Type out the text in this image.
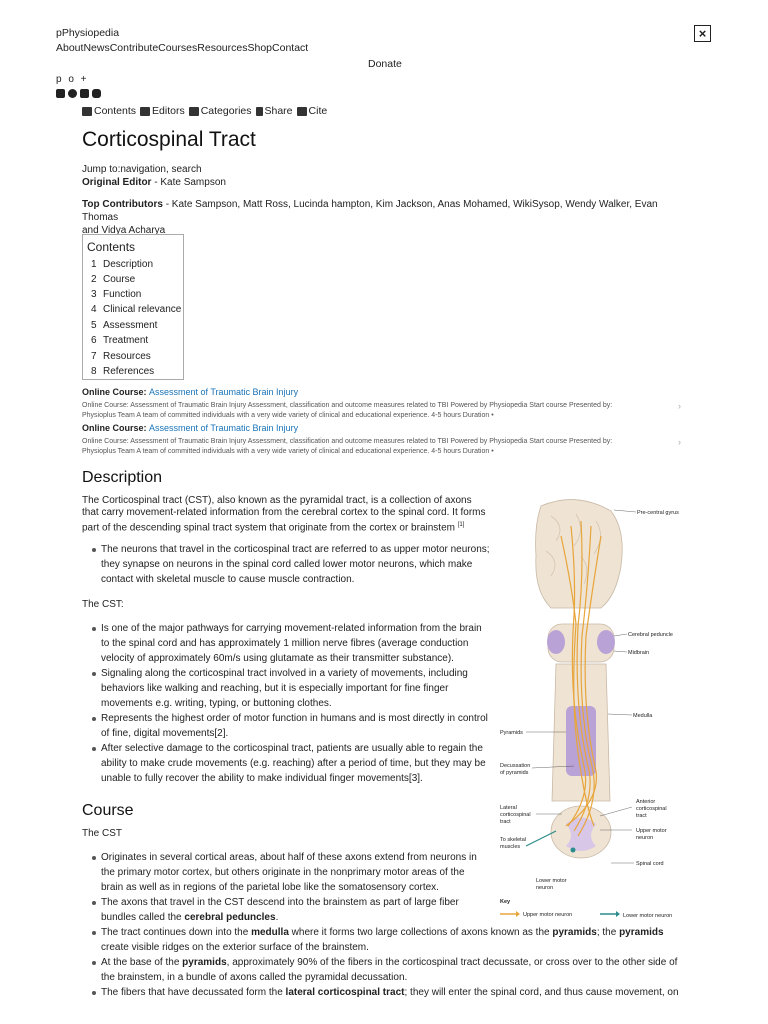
pPhysiopedia
About News Contribute Courses Resources Shop Contact
Donate
×
p o +
Contents Editors Categories Share Cite
Corticospinal Tract
Jump to:navigation, search
Original Editor - Kate Sampson
Top Contributors - Kate Sampson, Matt Ross, Lucinda hampton, Kim Jackson, Anas Mohamed, WikiSysop, Wendy Walker, Evan Thomas
and Vidya Acharya
Contents
1 Description
2 Course
3 Function
4 Clinical relevance
5 Assessment
6 Treatment
7 Resources
8 References
Online Course: Assessment of Traumatic Brain Injury
Online Course: Assessment of Traumatic Brain Injury Assessment, classification and outcome measures related to TBI Powered by Physiopedia Start course Presented by:
Physioplus Team A team of committed individuals with a very wide variety of clinical and educational experience. 4-5 hours Duration •
›
Online Course: Assessment of Traumatic Brain Injury
Online Course: Assessment of Traumatic Brain Injury Assessment, classification and outcome measures related to TBI Powered by Physiopedia Start course Presented by:
Physioplus Team A team of committed individuals with a very wide variety of clinical and educational experience. 4-5 hours Duration •
›
Description
The Corticospinal tract (CST), also known as the pyramidal tract, is a collection of axons
that carry movement-related information from the cerebral cortex to the spinal cord. It forms
part of the descending spinal tract system that originate from the cortex or brainstem [1]
The neurons that travel in the corticospinal tract are referred to as upper motor neurons;
they synapse on neurons in the spinal cord called lower motor neurons, which make
contact with skeletal muscle to cause muscle contraction.
The CST:
Is one of the major pathways for carrying movement-related information from the brain
to the spinal cord and has approximately 1 million nerve fibres (average conduction
velocity of approximately 60m/s using glutamate as their transmitter substance).
Signaling along the corticospinal tract involved in a variety of movements, including
behaviors like walking and reaching, but it is especially important for fine finger
movements e.g. writing, typing, or buttoning clothes.
Represents the highest order of motor function in humans and is most directly in control
of fine, digital movements[2].
After selective damage to the corticospinal tract, patients are usually able to regain the
ability to make crude movements (e.g. reaching) after a period of time, but they may be
unable to fully recover the ability to make individual finger movements[3].
Course
The CST
Originates in several cortical areas, about half of these axons extend from neurons in
the primary motor cortex, but others originate in the nonprimary motor areas of the
brain as well as in regions of the parietal lobe like the somatosensory cortex.
The axons that travel in the CST descend into the brainstem as part of large fiber
bundles called the cerebral peduncles.
The tract continues down into the medulla where it forms two large collections of axons known as the pyramids; the pyramids
create visible ridges on the exterior surface of the brainstem.
At the base of the pyramids, approximately 90% of the fibers in the corticospinal tract decussate, or cross over to the other side of
the brainstem, in a bundle of axons called the pyramidal decussation.
The fibers that have decussated form the lateral corticospinal tract; they will enter the spinal cord, and thus cause movement, on
Pre-central gyrus
Cerebral peduncle
Midbrain
Medulla
Pyramids
Decussation
of pyramids
Lateral
corticospinal
tract
Anterior
corticospinal
tract
Upper motor
neuron
To skeletal
muscles
Spinal cord
Lower motor
neuron
Key
Upper motor neuron	Lower motor neuron
